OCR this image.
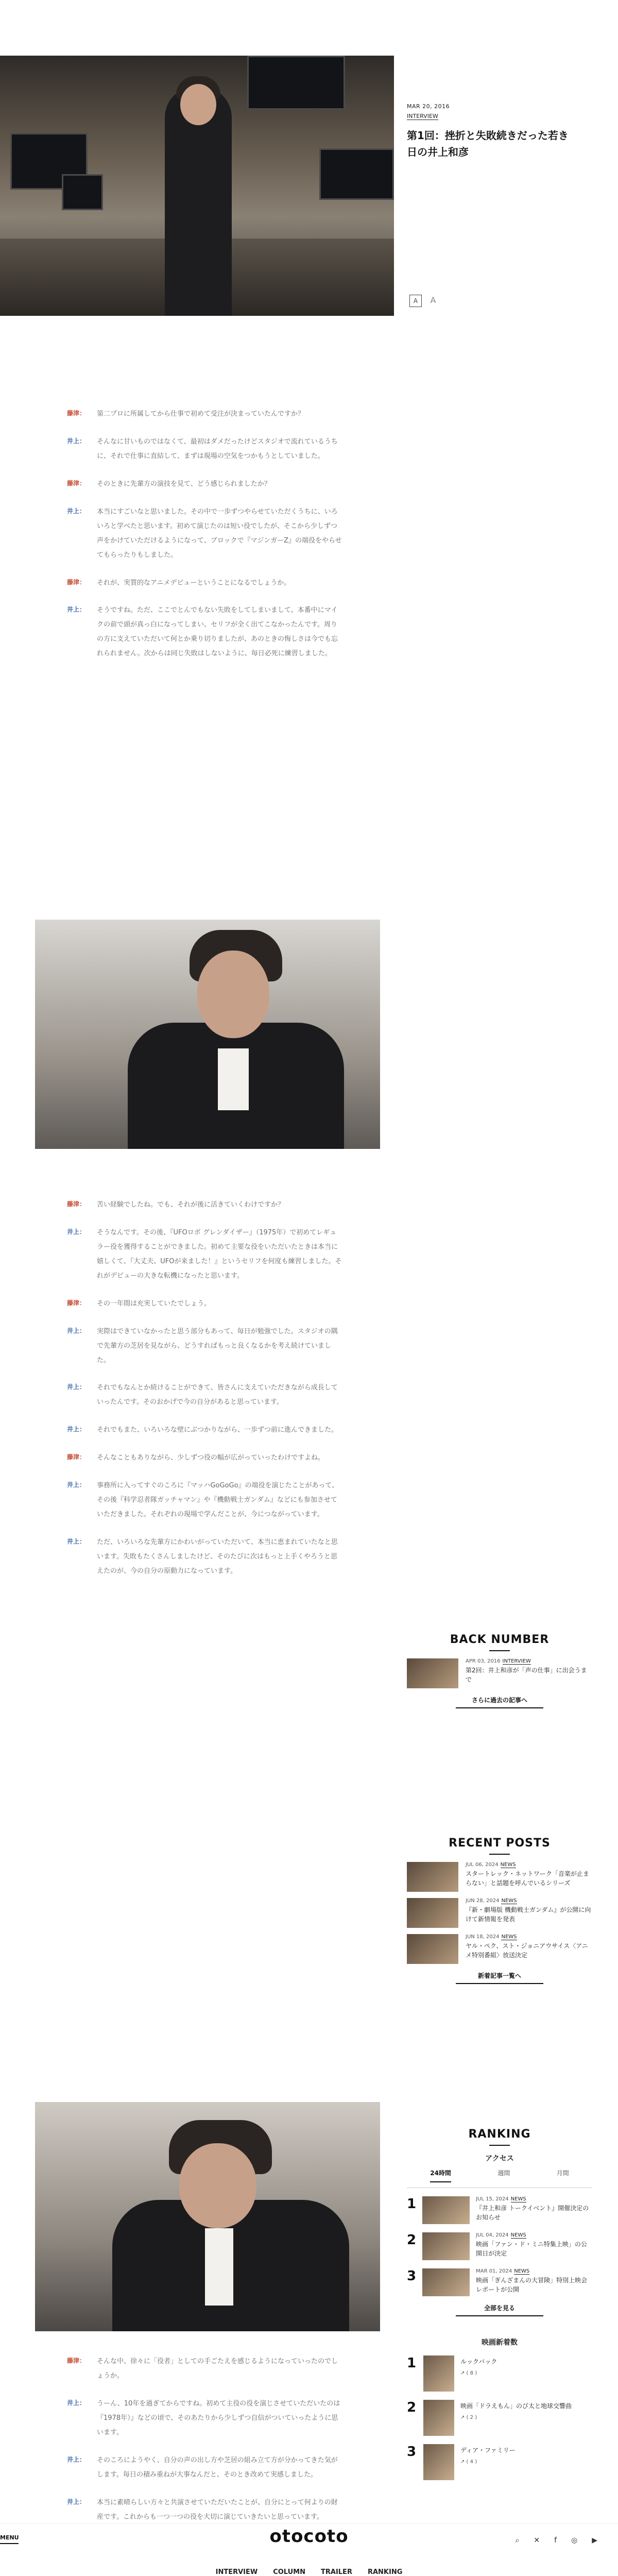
MAR 20, 2016
INTERVIEW
第1回：挫折と失敗続きだった若き日の井上和彦
A	A
藤津：	第二プロに所属してから仕事で初めて受注が決まっていたんですか？
井上：	そんなに甘いものではなくて、最初はダメだったけどスタジオで流れているうちに、それで仕事に直結して、まずは現場の空気をつかもうとしていました。
藤津：	そのときに先輩方の演技を見て、どう感じられましたか？
井上：	本当にすごいなと思いました。その中で一歩ずつやらせていただくうちに、いろいろと学べたと思います。初めて演じたのは短い役でしたが、そこから少しずつ声をかけていただけるようになって、ブロックで『マジンガーZ』の端役をやらせてもらったりもしました。
藤津：	それが、実質的なアニメデビューということになるでしょうか。
井上：	そうですね。ただ、ここでとんでもない失敗をしてしまいまして。本番中にマイクの前で頭が真っ白になってしまい、セリフが全く出てこなかったんです。周りの方に支えていただいて何とか乗り切りましたが、あのときの悔しさは今でも忘れられません。次からは同じ失敗はしないように、毎日必死に練習しました。
藤津：	苦い経験でしたね。でも、それが後に活きていくわけですか？
井上：	そうなんです。その後、『UFOロボ グレンダイザー』（1975年）で初めてレギュラー役を獲得することができました。初めて主要な役をいただいたときは本当に嬉しくて、『大丈夫、UFOが来ました！』というセリフを何度も練習しました。それがデビューの大きな転機になったと思います。
藤津：	その一年間は充実していたでしょう。
井上：	実際はできていなかったと思う部分もあって、毎日が勉強でした。スタジオの隅で先輩方の芝居を見ながら、どうすればもっと良くなるかを考え続けていました。
井上：	それでもなんとか続けることができて、皆さんに支えていただきながら成長していったんです。そのおかげで今の自分があると思っています。
井上：	それでもまた、いろいろな壁にぶつかりながら、一歩ずつ前に進んできました。
藤津：	そんなこともありながら、少しずつ役の幅が広がっていったわけですよね。
井上：	事務所に入ってすぐのころに『マッハGoGoGo』の端役を演じたことがあって、その後『科学忍者隊ガッチャマン』や『機動戦士ガンダム』などにも参加させていただきました。それぞれの現場で学んだことが、今につながっています。
井上：	ただ、いろいろな先輩方にかわいがっていただいて、本当に恵まれていたなと思います。失敗もたくさんしましたけど、そのたびに次はもっと上手くやろうと思えたのが、今の自分の原動力になっています。
藤津：	そんな中、徐々に「役者」としての手ごたえを感じるようになっていったのでしょうか。
井上：	うーん、10年を過ぎてからですね。初めて主役の役を演じさせていただいたのは『1978年）』などの頃で、そのあたりから少しずつ自信がついていったように思います。
井上：	そのころにようやく、自分の声の出し方や芝居の組み立て方が分かってきた気がします。毎日の積み重ねが大事なんだと、そのとき改めて実感しました。
井上：	本当に素晴らしい方々と共演させていただいたことが、自分にとって何よりの財産です。これからも一つ一つの役を大切に演じていきたいと思っています。
BACK NUMBER
APR 03, 2016 INTERVIEW
第2回：井上和彦が「声の仕事」に出会うまで
さらに過去の記事へ
RECENT POSTS
JUL 06, 2024 NEWS
スタートレック・ネットワーク「音楽が止まらない」と話題を呼んでいるシリーズ
JUN 28, 2024 NEWS
『新・劇場版 機動戦士ガンダム』が公開に向けて新情報を発表
JUN 18, 2024 NEWS
ヤル・ペク、スト・ジョニアウサイス〈アニメ特別番組〉放送決定
新着記事一覧へ
RANKING
アクセス
24時間	週間	月間
1	JUL 15, 2024 NEWS
『井上和彦 トークイベント』開催決定のお知らせ
2	JUL 04, 2024 NEWS
映画「ファン・ド・ミニ特集上映」の公開日が決定
3	MAR 01, 2024 NEWS
映画「ぎんざまんの大冒険」特別上映会レポートが公開
全部を見る
映画新着数
1	ルックバック
↗ ( 8 )
2	映画「ドラえもん」のび太と地球交響曲
↗ ( 2 )
3	ディア・ファミリー
↗ ( 4 )
MENU	otocoto	⌕ ✕ f ◎ ▶
INTERVIEW COLUMN TRAILER RANKING
